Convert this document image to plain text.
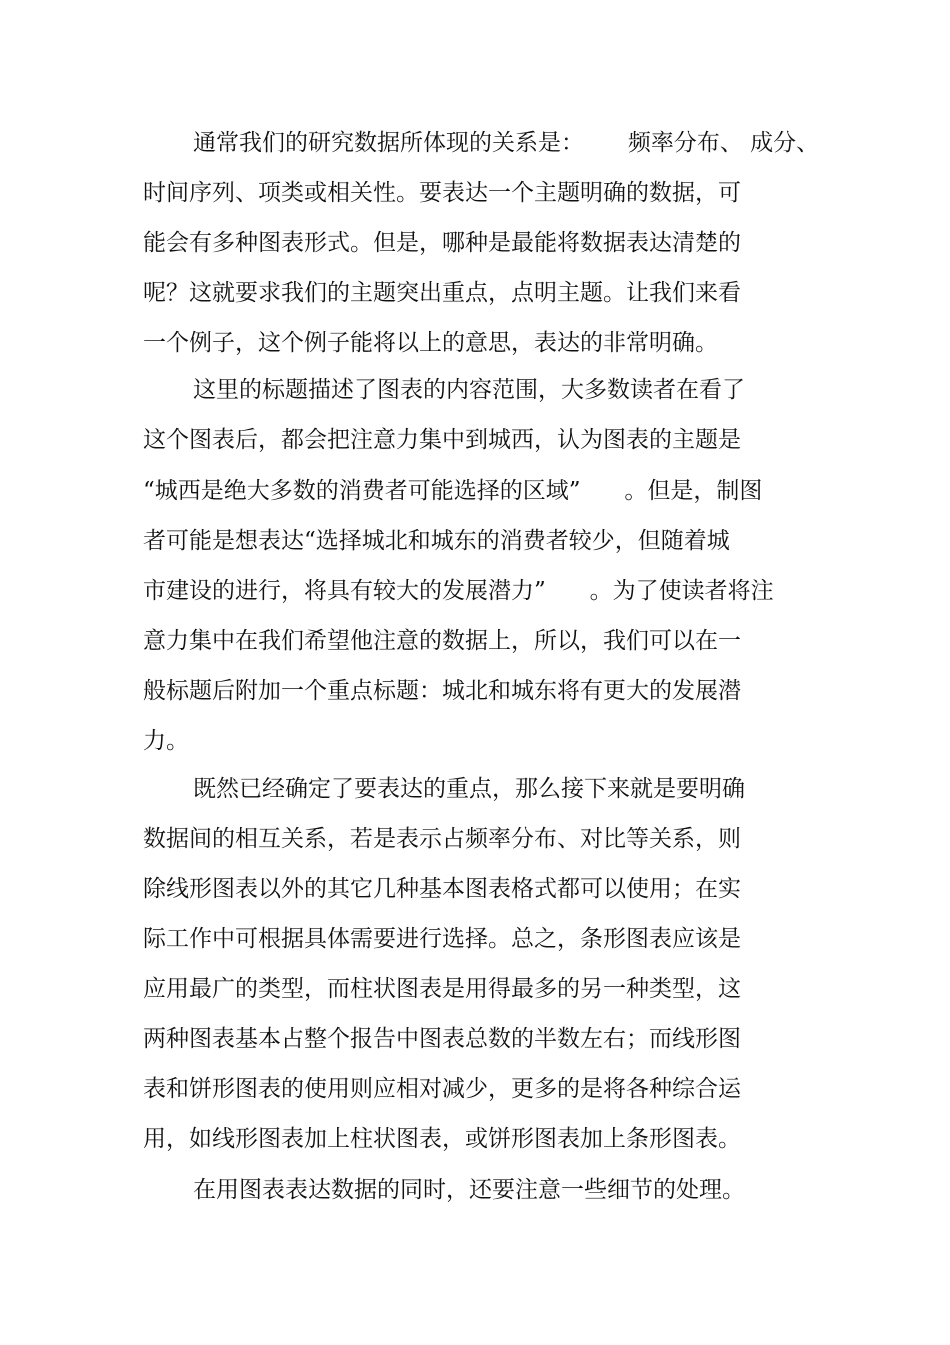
通常我们的研究数据所体现的关系是：      频率分布、 成分、
时间序列、项类或相关性。要表达一个主题明确的数据，可
能会有多种图表形式。但是，哪种是最能将数据表达清楚的
呢？这就要求我们的主题突出重点，点明主题。让我们来看
一个例子，这个例子能将以上的意思，表达的非常明确。
这里的标题描述了图表的内容范围，大多数读者在看了
这个图表后，都会把注意力集中到城西，认为图表的主题是
“城西是绝大多数的消费者可能选择的区域”      。但是，制图
者可能是想表达“选择城北和城东的消费者较少，但随着城
市建设的进行，将具有较大的发展潜力”      。为了使读者将注
意力集中在我们希望他注意的数据上，所以，我们可以在一
般标题后附加一个重点标题：城北和城东将有更大的发展潜
力。
既然已经确定了要表达的重点，那么接下来就是要明确
数据间的相互关系，若是表示占频率分布、对比等关系，则
除线形图表以外的其它几种基本图表格式都可以使用；在实
际工作中可根据具体需要进行选择。总之，条形图表应该是
应用最广的类型，而柱状图表是用得最多的另一种类型，这
两种图表基本占整个报告中图表总数的半数左右；而线形图
表和饼形图表的使用则应相对减少，更多的是将各种综合运
用，如线形图表加上柱状图表，或饼形图表加上条形图表。
在用图表表达数据的同时，还要注意一些细节的处理。
